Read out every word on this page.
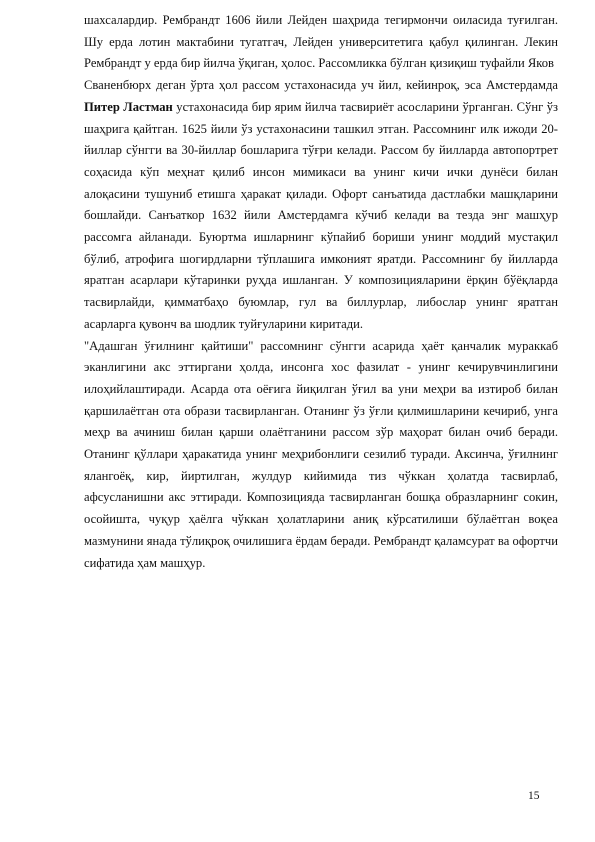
шахсалардир. Рембрандт 1606 йили Лейден шаҳрида тегирмончи оиласида туғилган. Шу ерда лотин мактабини тугатгач, Лейден университетига қабул қилинган. Лекин Рембрандт у ерда бир йилча ўқиган, ҳолос. Рассомликка бўлган қизиқиш туфайли Яков

Сваненбюрх деган ўрта ҳол рассом устахонасида уч йил, кейинроқ, эса Амстердамда Питер Ластман устахонасида бир ярим йилча тасвириёт асосларини ўрганган. Сўнг ўз шаҳрига қайтган. 1625 йили ўз устахонасини ташкил этган. Рассомнинг илк ижоди 20-йиллар сўнгги ва 30-йиллар бошларига тўғри келади. Рассом бу йилларда автопортрет соҳасида кўп меҳнат қилиб инсон мимикаси ва унинг кичи ички дунёси билан алоқасини тушуниб етишга ҳаракат қилади. Офорт санъатида дастлабки машқларини бошлайди. Санъаткор 1632 йили Амстердамга кўчиб келади ва тезда энг машҳур рассомга айланади. Буюртма ишларнинг кўпайиб бориши унинг моддий мустақил бўлиб, атрофига шогирдларни тўплашига имконият яратди. Рассомнинг бу йилларда яратган асарлари кўтаринки руҳда ишланган. У композицияларини ёрқин бўёқларда тасвирлайди, қимматбаҳо буюмлар, гул ва биллурлар, либослар унинг яратган асарларга қувонч ва шодлик туйғуларини киритади.

"Адашган ўғилнинг қайтиши" рассомнинг сўнгги асарида ҳаёт қанчалик мураккаб эканлигини акс эттиргани ҳолда, инсонга хос фазилат - унинг кечирувчинлигини илоҳийлаштиради. Асарда ота оёғига йиқилган ўғил ва уни меҳри ва изтироб билан қаршилаётган ота образи тасвирланган. Отанинг ўз ўғли қилмишларини кечириб, унга меҳр ва ачиниш билан қарши олаётганини рассом зўр маҳорат билан очиб беради. Отанинг қўллари ҳаракатида унинг меҳрибонлиги сезилиб туради. Аксинча, ўғилнинг ялангоёқ, кир, йиртилган, жулдур кийимида тиз чўккан ҳолатда тасвирлаб, афсусланишни акс эттиради. Композицияда тасвирланган бошқа образларнинг сокин, осойишта, чуқур ҳаёлга чўккан ҳолатларини аниқ кўрсатилиши бўлаётган воқеа мазмунини янада тўлиқроқ очилишига ёрдам беради. Рембрандт қаламсурат ва офортчи сифатида ҳам машҳур.

15
